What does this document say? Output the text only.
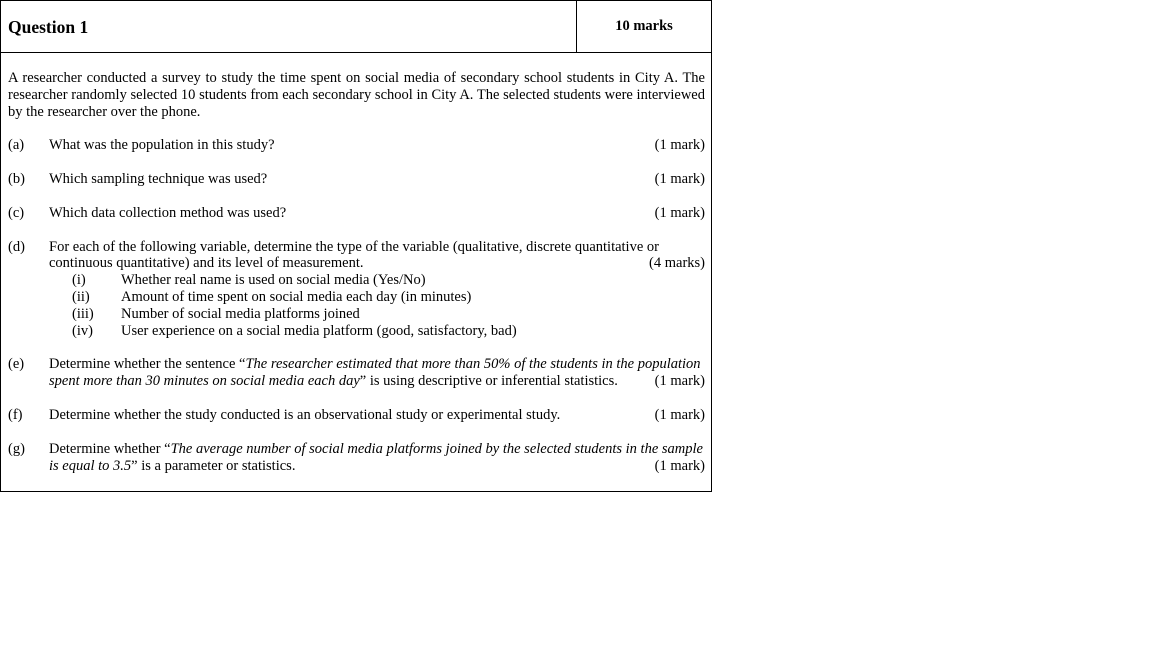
Question 1	10 marks
A researcher conducted a survey to study the time spent on social media of secondary school students in City A. The researcher randomly selected 10 students from each secondary school in City A. The selected students were interviewed by the researcher over the phone.
(a) What was the population in this study?	(1 mark)
(b) Which sampling technique was used?	(1 mark)
(c) Which data collection method was used?	(1 mark)
(d) For each of the following variable, determine the type of the variable (qualitative, discrete quantitative or
continuous quantitative) and its level of measurement.	(4 marks)
(i) Whether real name is used on social media (Yes/No)
(ii) Amount of time spent on social media each day (in minutes)
(iii) Number of social media platforms joined
(iv) User experience on a social media platform (good, satisfactory, bad)
(e) Determine whether the sentence “The researcher estimated that more than 50% of the students in the population
spent more than 30 minutes on social media each day” is using descriptive or inferential statistics.	(1 mark)
(f) Determine whether the study conducted is an observational study or experimental study.	(1 mark)
(g) Determine whether “The average number of social media platforms joined by the selected students in the sample
is equal to 3.5” is a parameter or statistics.	(1 mark)
